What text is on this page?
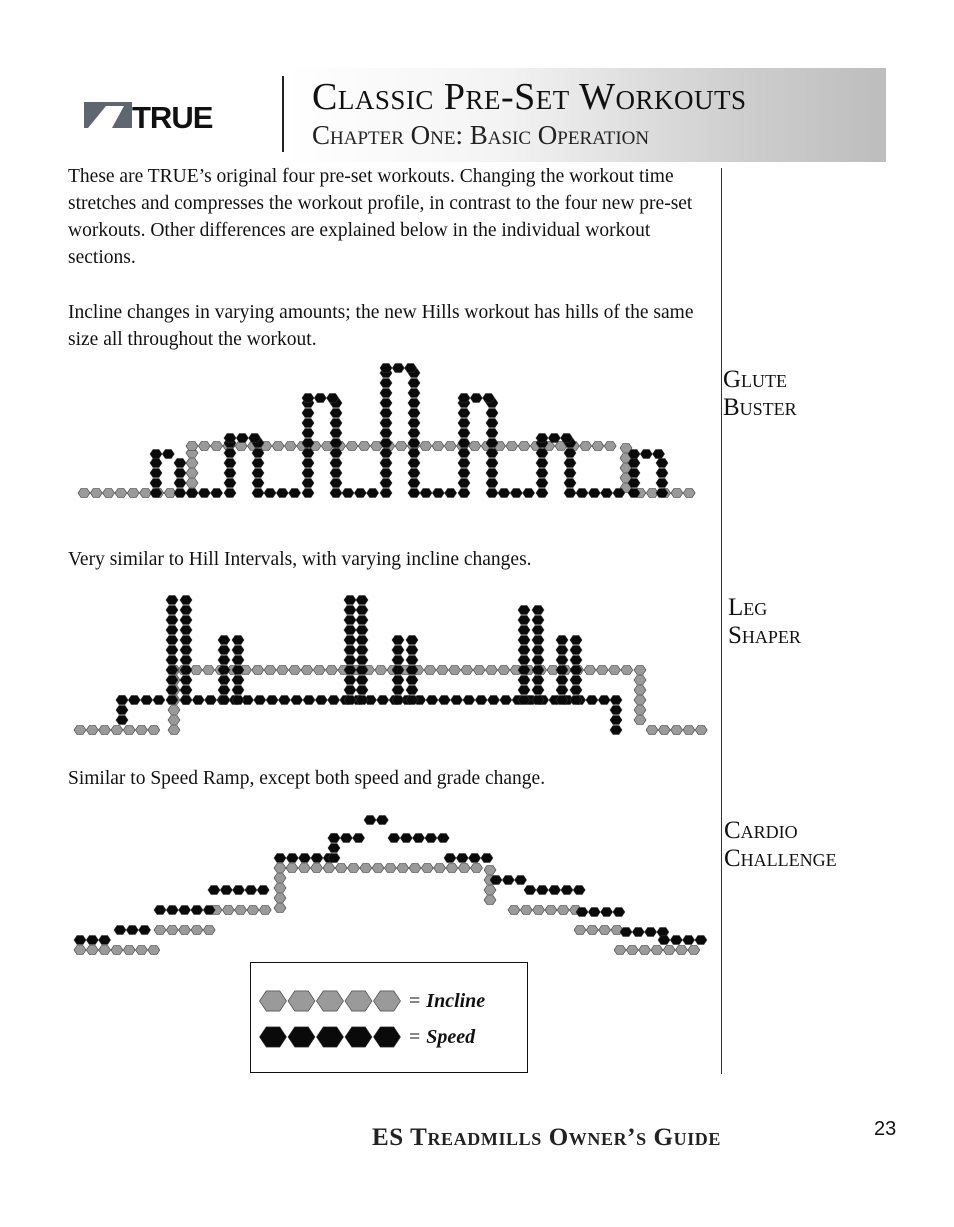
TRUE	Classic Pre-Set Workouts
Chapter One: Basic Operation

These are TRUE’s original four pre-set workouts. Changing the workout time stretches and compresses the workout profile, in contrast to the four new pre-set workouts. Other differences are explained below in the individual workout sections.

Incline changes in varying amounts; the new Hills workout has hills of the same size all throughout the workout.

Glute
Buster

Very similar to Hill Intervals, with varying incline changes.

Leg
Shaper

Similar to Speed Ramp, except both speed and grade change.

Cardio
Challenge
= Incline
= Speed
ES Treadmills Owner’s Guide	23
